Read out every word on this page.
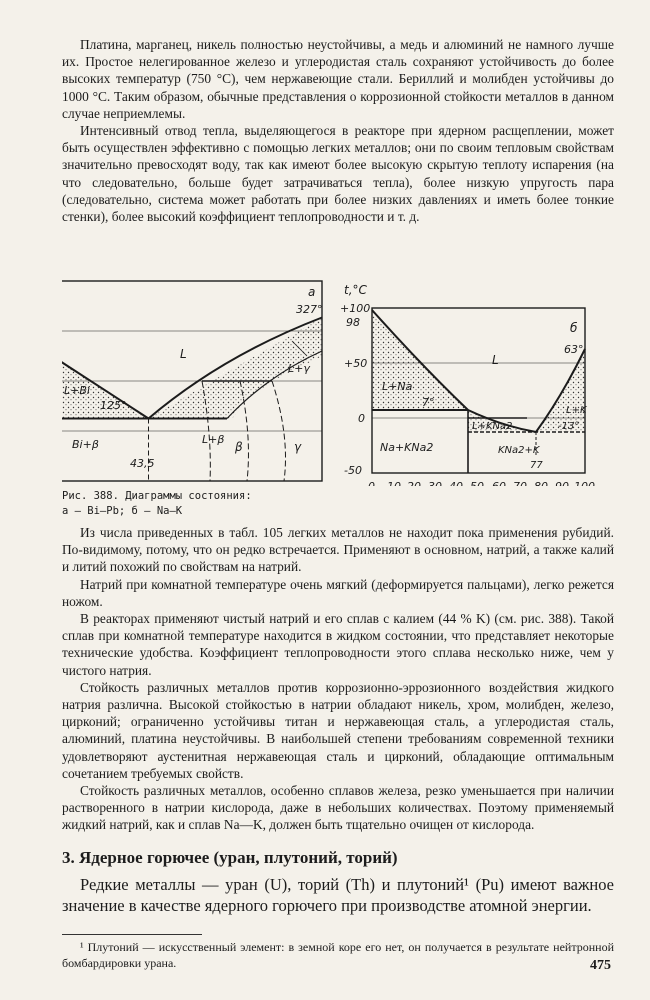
Платина, марганец, никель полностью неустойчивы, а медь и алюминий не намного лучше их. Простое нелегированное железо и углеродистая сталь сохраняют устойчивость до более высоких температур (750 °C), чем нержавеющие стали. Бериллий и молибден устойчивы до 1000 °C. Таким образом, обычные представления о коррозионной стойкости металлов в данном случае неприемлемы.

Интенсивный отвод тепла, выделяющегося в реакторе при ядерном расщеплении, может быть осуществлен эффективно с помощью легких металлов; они по своим тепловым свойствам значительно превосходят воду, так как имеют более высокую скрытую теплоту испарения (на что следовательно, больше будет затрачиваться тепла), более низкую упругость пара (следовательно, система может работать при более низких давлениях и иметь более тонкие стенки), более высокий коэффициент теплопроводности и т. д.

а
327°
125°
43,5
L
L+Bi
L+β
L+γ
Bi+β	β	γ
t,°C
+100
98
+50
0
-50
б
63°
7°
-13°
77
L
L+Na
L+KNa2
L+K
Na+KNa2	KNa2+K
Рис. 388. Диаграммы состояния:
а — Bi—Pb; б — Na—K

Из числа приведенных в табл. 105 легких металлов не находит пока применения рубидий. По-видимому, потому, что он редко встречается. Применяют в основном, натрий, а также калий и литий похожий по свойствам на натрий.

Натрий при комнатной температуре очень мягкий (деформируется пальцами), легко режется ножом.

В реакторах применяют чистый натрий и его сплав с калием (44 % K) (см. рис. 388). Такой сплав при комнатной температуре находится в жидком состоянии, что представляет некоторые технические удобства. Коэффициент теплопроводности этого сплава несколько ниже, чем у чистого натрия.

Стойкость различных металлов против коррозионно-эррозионного воздействия жидкого натрия различна. Высокой стойкостью в натрии обладают никель, хром, молибден, железо, цирконий; ограниченно устойчивы титан и нержавеющая сталь, а углеродистая сталь, алюминий, платина неустойчивы. В наибольшей степени требованиям современной техники удовлетворяют аустенитная нержавеющая сталь и цирконий, обладающие оптимальным сочетанием требуемых свойств.

Стойкость различных металлов, особенно сплавов железа, резко уменьшается при наличии растворенного в натрии кислорода, даже в небольших количествах. Поэтому применяемый жидкий натрий, как и сплав Na—K, должен быть тщательно очищен от кислорода.

3. Ядерное горючее (уран, плутоний, торий)

Редкие металлы — уран (U), торий (Th) и плутоний¹ (Pu) имеют важное значение в качестве ядерного горючего при производстве атомной энергии.

¹ Плутоний — искусственный элемент: в земной коре его нет, он получается в результате нейтронной бомбардировки урана.	475
